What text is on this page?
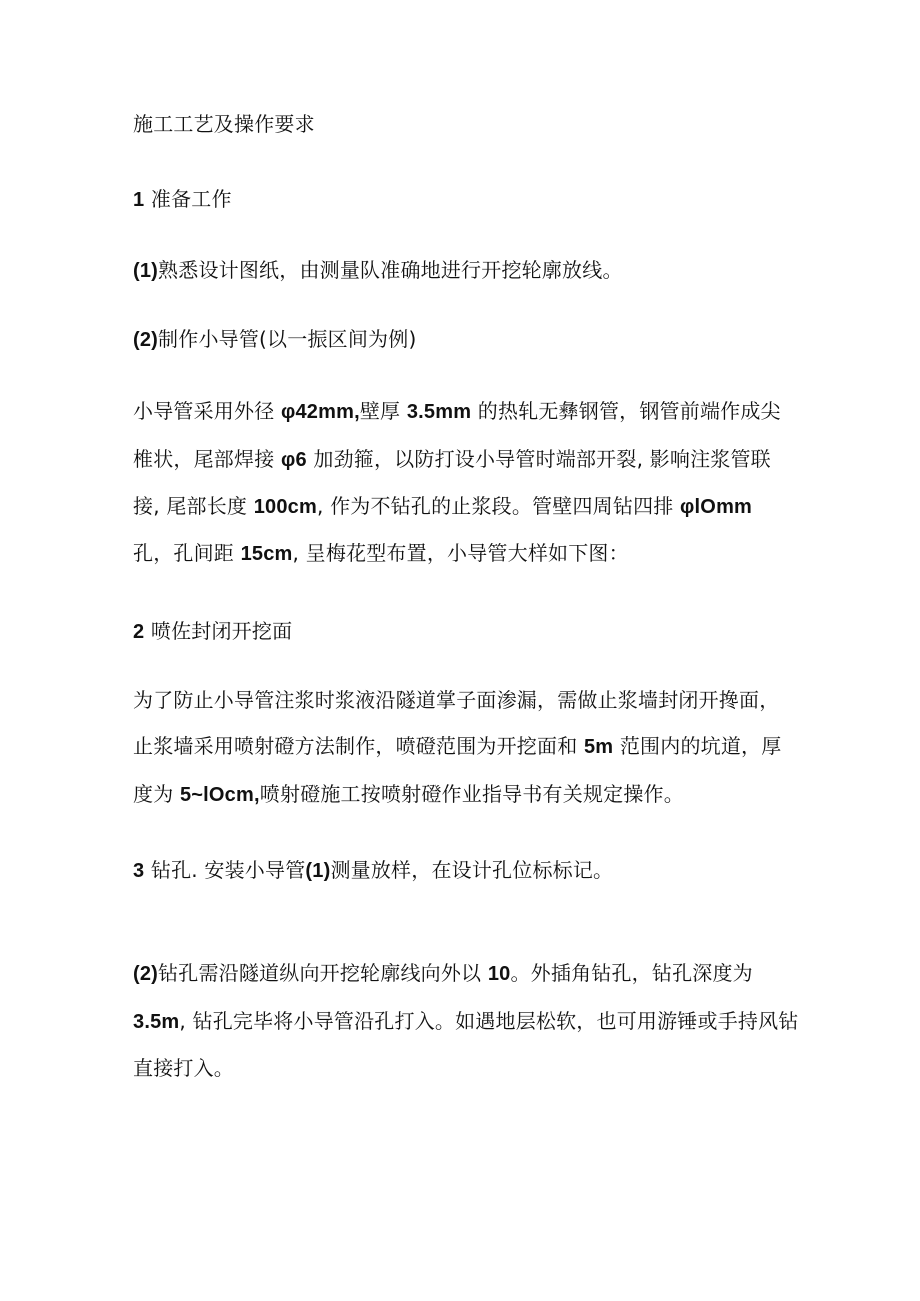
施工工艺及操作要求
1 准备工作
(1)熟悉设计图纸，由测量队准确地进行开挖轮廓放线。
(2)制作小导管(以一振区间为例)
小导管采用外径 φ42mm,壁厚 3.5mm 的热轧无彝钢管，钢管前端作成尖
椎状，尾部焊接 φ6 加劲箍，以防打设小导管时端部开裂, 影响注浆管联
接, 尾部长度 100cm, 作为不钻孔的止浆段。管壁四周钻四排 φlOmm
孔，孔间距 15cm, 呈梅花型布置，小导管大样如下图：
2 喷佐封闭开挖面
为了防止小导管注浆时浆液沿隧道掌子面渗漏，需做止浆墙封闭开搀面，
止浆墙采用喷射磴方法制作，喷磴范围为开挖面和 5m 范围内的坑道，厚
度为 5~lOcm,喷射磴施工按喷射磴作业指导书有关规定操作。
3 钻孔. 安装小导管(1)测量放样，在设计孔位标标记。
(2)钻孔需沿隧道纵向开挖轮廓线向外以 10。外插角钻孔，钻孔深度为
3.5m, 钻孔完毕将小导管沿孔打入。如遇地层松软，也可用游锤或手持风钻
直接打入。
